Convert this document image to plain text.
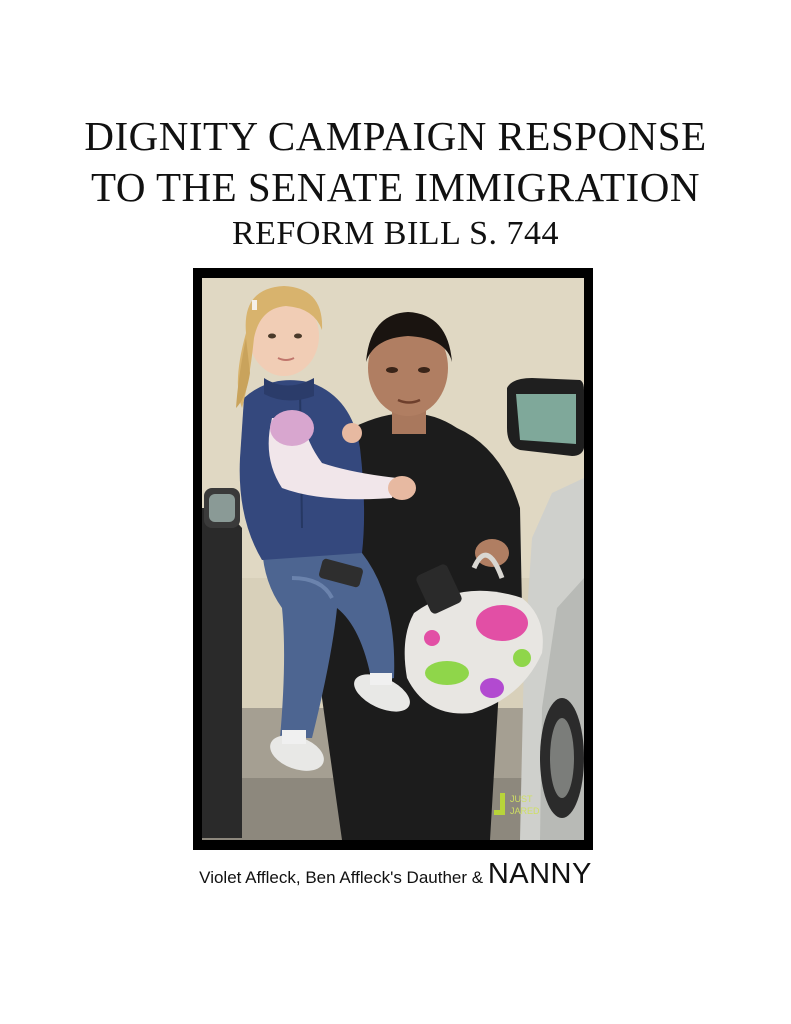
DIGNITY CAMPAIGN RESPONSE
TO THE SENATE IMMIGRATION
REFORM BILL S. 744
JUST
JARED
Violet Affleck, Ben Affleck's Dauther & NANNY
